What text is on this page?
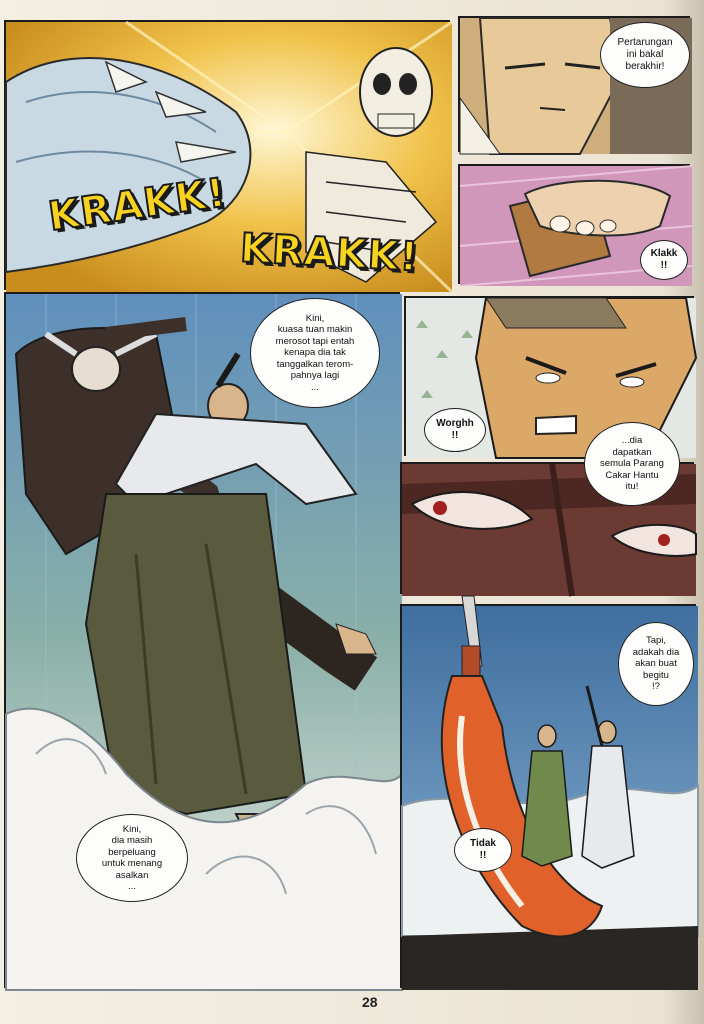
KRAKK!
KRAKK!
Pertarungan
ini bakal
berakhir!
Klakk
!!
Kini,
kuasa tuan makin
merosot tapi entah
kenapa dia tak
tanggalkan terom-
pahnya lagi
...
Kini,
dia masih
berpeluang
untuk menang
asalkan
...
Worghh
!!	...dia
dapatkan
semula Parang
Cakar Hantu
itu!
Tapi,
adakah dia
akan buat
begitu
!?
Tidak
!!
28
